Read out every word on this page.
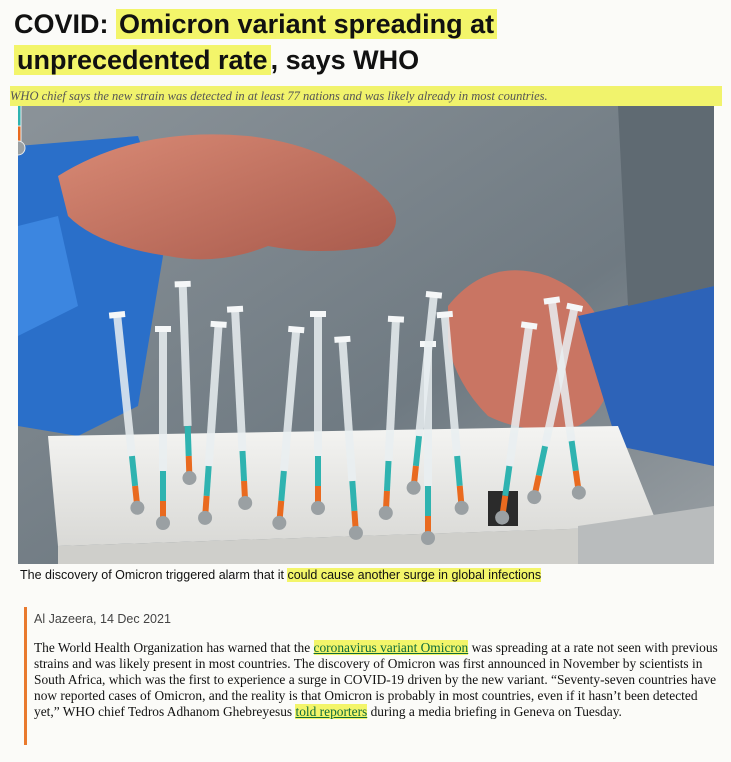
COVID: Omicron variant spreading at
unprecedented rate , says WHO
WHO chief says the new strain was detected in at least 77 nations and was likely already in most countries.
The discovery of Omicron triggered alarm that it could cause another surge in global infections
Al Jazeera, 14 Dec 2021
The World Health Organization has warned that the coronavirus variant Omicron was spreading at a rate not seen with previous strains and was likely present in most countries. The discovery of Omicron was first announced in November by scientists in South Africa, which was the first to experience a surge in COVID-19 driven by the new variant. “Seventy-seven countries have now reported cases of Omicron, and the reality is that Omicron is probably in most countries, even if it hasn’t been detected yet,” WHO chief Tedros Adhanom Ghebreyesus told reporters during a media briefing in Geneva on Tuesday.
